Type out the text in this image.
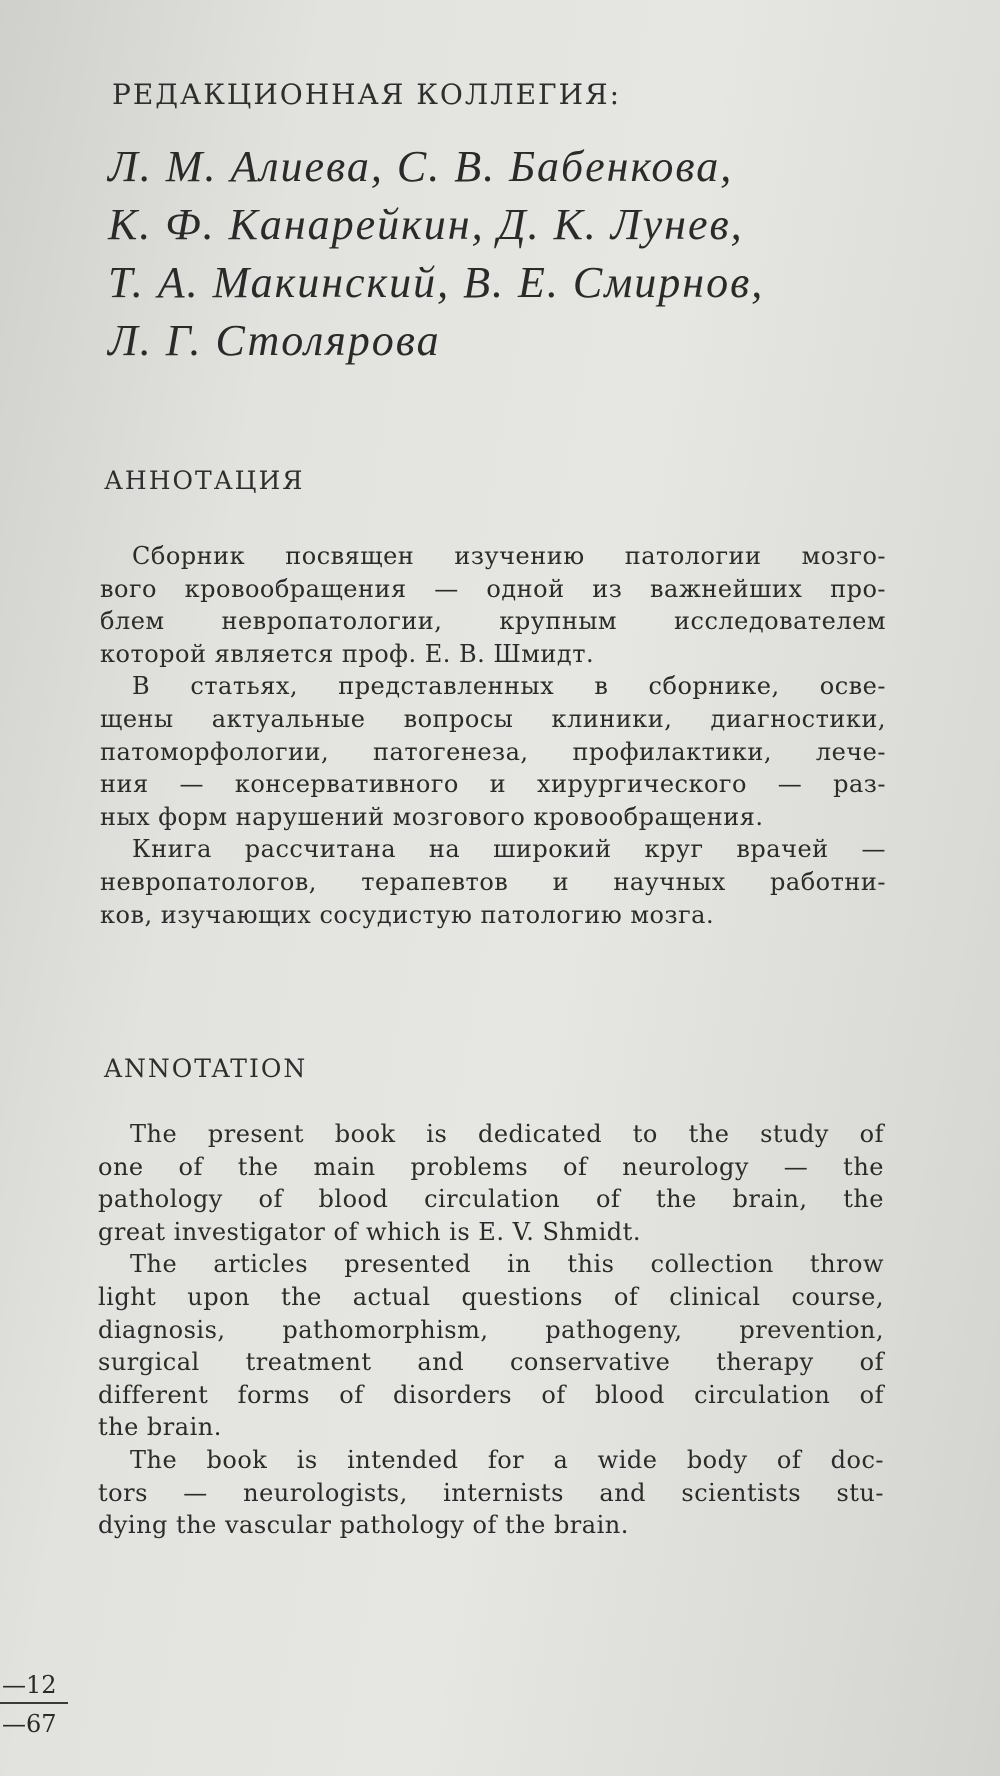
РЕДАКЦИОННАЯ КОЛЛЕГИЯ:
Л. М. Алиева, С. В. Бабенкова,
К. Ф. Канарейкин, Д. К. Лунев,
Т. А. Макинский, В. Е. Смирнов,
Л. Г. Столярова
АННОТАЦИЯ
Сборник посвящен изучению патологии мозго-
вого кровообращения — одной из важнейших про-
блем невропатологии, крупным исследователем
которой является проф. Е. В. Шмидт.
В статьях, представленных в сборнике, осве-
щены актуальные вопросы клиники, диагностики,
патоморфологии, патогенеза, профилактики, лече-
ния — консервативного и хирургического — раз-
ных форм нарушений мозгового кровообращения.
Книга рассчитана на широкий круг врачей —
невропатологов, терапевтов и научных работни-
ков, изучающих сосудистую патологию мозга.
ANNOTATION
The present book is dedicated to the study of
one of the main problems of neurology — the
pathology of blood circulation of the brain, the
great investigator of which is E. V. Shmidt.
The articles presented in this collection throw
light upon the actual questions of clinical course,
diagnosis, pathomorphism, pathogeny, prevention,
surgical treatment and conservative therapy of
different forms of disorders of blood circulation of
the brain.
The book is intended for a wide body of doc-
tors — neurologists, internists and scientists stu-
dying the vascular pathology of the brain.
—12
—67
